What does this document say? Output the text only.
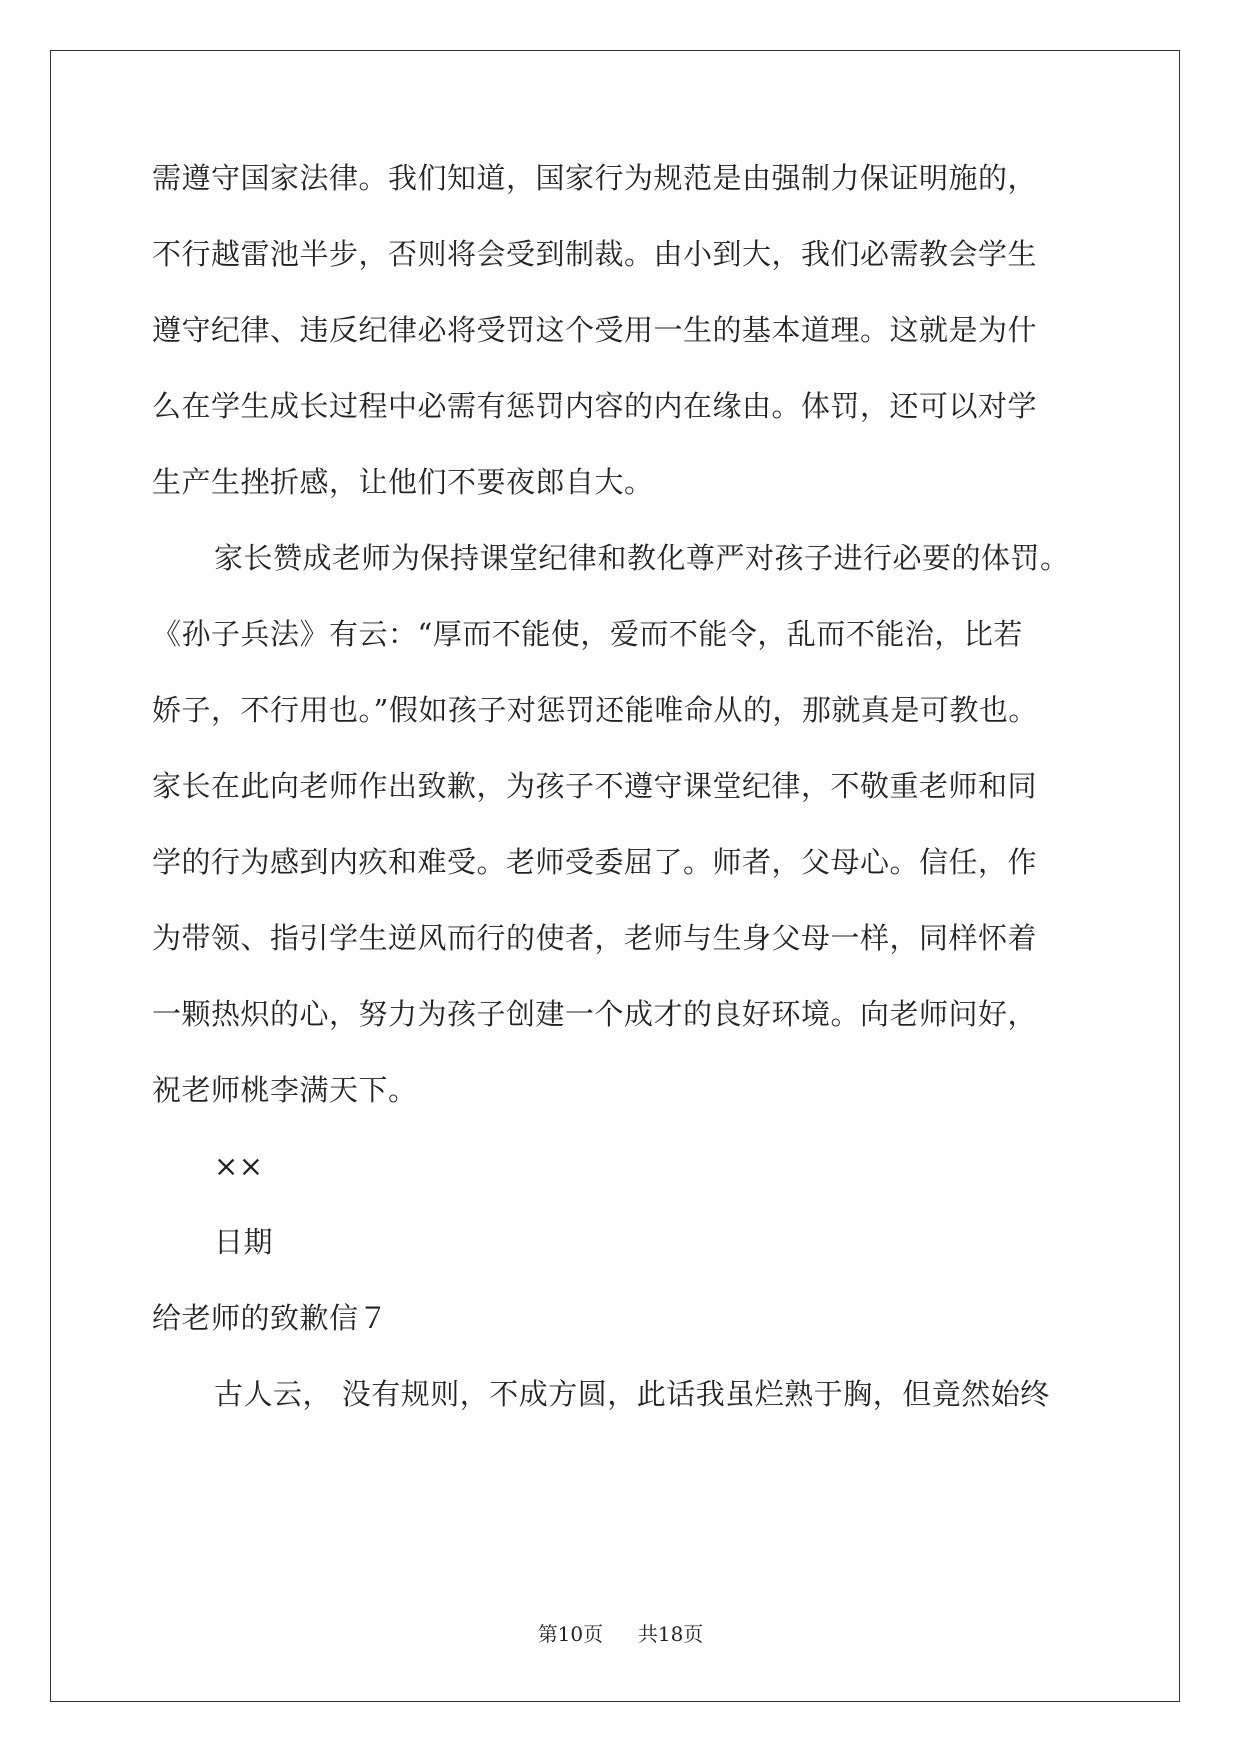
需遵守国家法律。我们知道，国家行为规范是由强制力保证明施的，
不行越雷池半步，否则将会受到制裁。由小到大，我们必需教会学生
遵守纪律、违反纪律必将受罚这个受用一生的基本道理。这就是为什
么在学生成长过程中必需有惩罚内容的内在缘由。体罚，还可以对学
生产生挫折感，让他们不要夜郎自大。
家长赞成老师为保持课堂纪律和教化尊严对孩子进行必要的体罚。
《孙子兵法》有云：“厚而不能使，爱而不能令，乱而不能治，比若
娇子，不行用也。”假如孩子对惩罚还能唯命从的，那就真是可教也。
家长在此向老师作出致歉，为孩子不遵守课堂纪律，不敬重老师和同
学的行为感到内疚和难受。老师受委屈了。师者，父母心。信任，作
为带领、指引学生逆风而行的使者，老师与生身父母一样，同样怀着
一颗热炽的心，努力为孩子创建一个成才的良好环境。向老师问好，
祝老师桃李满天下。
××
日期
给老师的致歉信７
古人云， 没有规则，不成方圆，此话我虽烂熟于胸，但竟然始终
第10页 共18页
